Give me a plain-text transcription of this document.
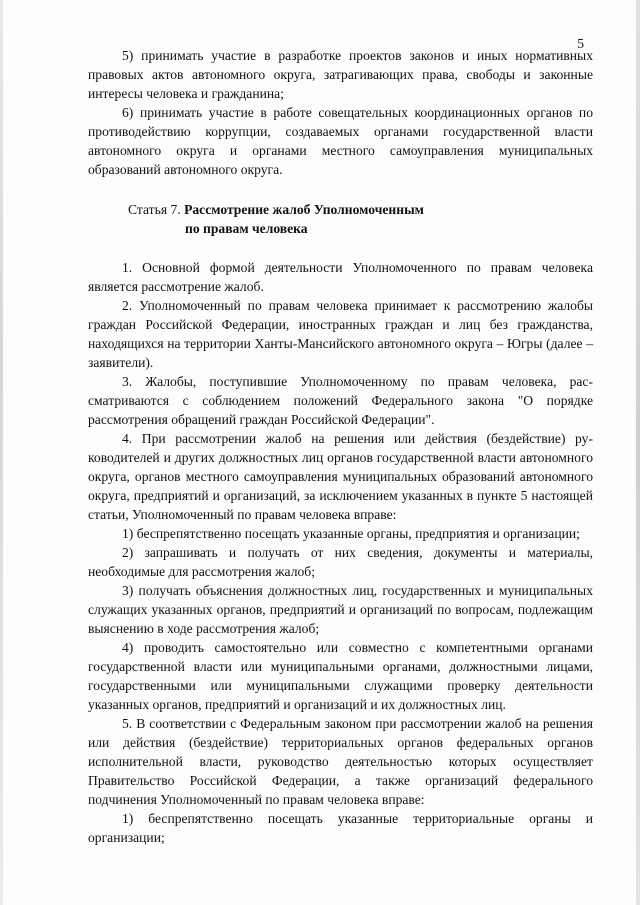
5

5) принимать участие в разработке проектов законов и иных нормативных правовых актов автономного округа, затрагивающих права, свободы и законные интересы человека и гражданина;

6) принимать участие в работе совещательных координационных органов по противодействию коррупции, создаваемых органами государственной власти автономного округа и органами местного самоуправления муниципальных образований автономного округа.

Статья 7. Рассмотрение жалоб Уполномоченным
по правам человека

1. Основной формой деятельности Уполномоченного по правам человека является рассмотрение жалоб.

2. Уполномоченный по правам человека принимает к рассмотрению жалобы граждан Российской Федерации, иностранных граждан и лиц без гражданства, находящихся на территории Ханты-Мансийского автономного округа – Югры (далее – заявители).

3. Жалобы, поступившие Уполномоченному по правам человека, рассматриваются с соблюдением положений Федерального закона "О порядке рассмотрения обращений граждан Российской Федерации".

4. При рассмотрении жалоб на решения или действия (бездействие) руководителей и других должностных лиц органов государственной власти автономного округа, органов местного самоуправления муниципальных образований автономного округа, предприятий и организаций, за исключением указанных в пункте 5 настоящей статьи, Уполномоченный по правам человека вправе:

1) беспрепятственно посещать указанные органы, предприятия и организации;

2) запрашивать и получать от них сведения, документы и материалы, необходимые для рассмотрения жалоб;

3) получать объяснения должностных лиц, государственных и муниципальных служащих указанных органов, предприятий и организаций по вопросам, подлежащим выяснению в ходе рассмотрения жалоб;

4) проводить самостоятельно или совместно с компетентными органами государственной власти или муниципальными органами, должностными лицами, государственными или муниципальными служащими проверку деятельности указанных органов, предприятий и организаций и их должностных лиц.

5. В соответствии с Федеральным законом при рассмотрении жалоб на решения или действия (бездействие) территориальных органов федеральных органов исполнительной власти, руководство деятельностью которых осуществляет Правительство Российской Федерации, а также организаций федерального подчинения Уполномоченный по правам человека вправе:

1) беспрепятственно посещать указанные территориальные органы и организации;
